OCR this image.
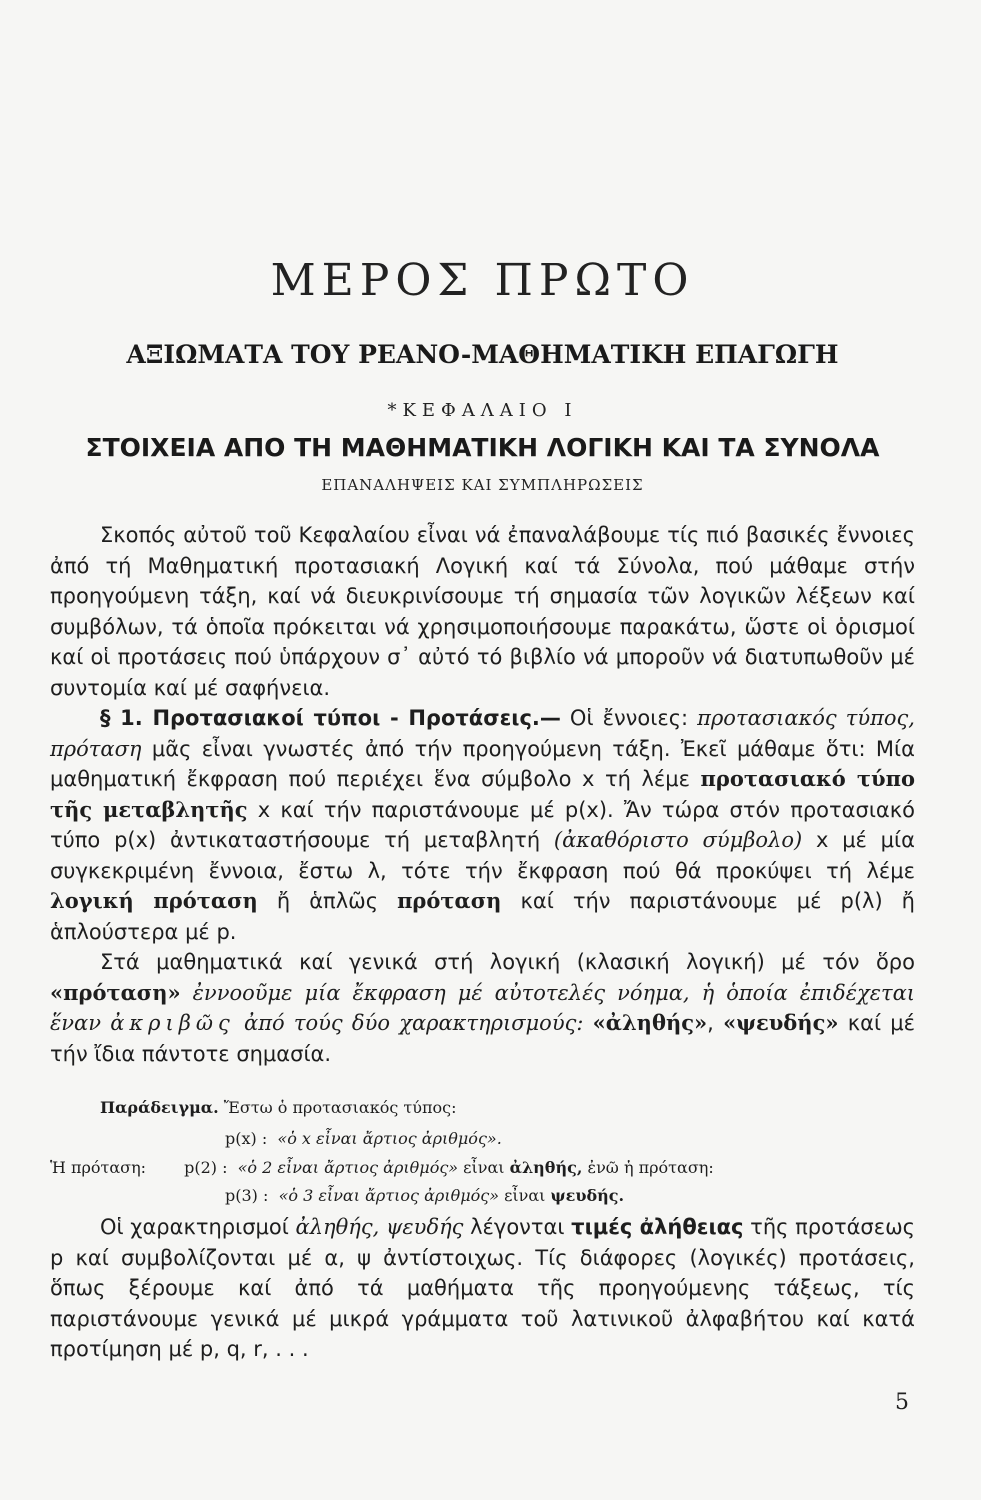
ΜΕΡΟΣ ΠΡΩΤΟ
ΑΞΙΩΜΑΤΑ ΤΟΥ PEANO-ΜΑΘΗΜΑΤΙΚΗ ΕΠΑΓΩΓΗ
*ΚΕΦΑΛΑΙΟ I
ΣΤΟΙΧΕΙΑ ΑΠΟ ΤΗ ΜΑΘΗΜΑΤΙΚΗ ΛΟΓΙΚΗ ΚΑΙ ΤΑ ΣΥΝΟΛΑ
ΕΠΑΝΑΛΗΨΕΙΣ ΚΑΙ ΣΥΜΠΛΗΡΩΣΕΙΣ

Σκοπός αὐτοῦ τοῦ Κεφαλαίου εἶναι νά ἐπαναλάβουμε τίς πιό βασικές ἔννοιες ἀπό τή Μαθηματική προτασιακή Λογική καί τά Σύνολα, πού μάθαμε στήν προηγούμενη τάξη, καί νά διευκρινίσουμε τή σημασία τῶν λογικῶν λέξεων καί συμβόλων, τά ὁποῖα πρόκειται νά χρησιμοποιήσουμε παρακάτω, ὥστε οἱ ὁρισμοί καί οἱ προτάσεις πού ὑπάρχουν σ᾽ αὐτό τό βιβλίο νά μποροῦν νά διατυπωθοῦν μέ συντομία καί μέ σαφήνεια.

§ 1. Προτασιακοί τύποι - Προτάσεις.— Οἱ ἔννοιες: προτασιακός τύπος, πρόταση μᾶς εἶναι γνωστές ἀπό τήν προηγούμενη τάξη. Ἐκεῖ μάθαμε ὅτι: Μία μαθηματική ἔκφραση πού περιέχει ἕνα σύμβολο x τή λέμε προτασιακό τύπο τῆς μεταβλητῆς x καί τήν παριστάνουμε μέ p(x). Ἄν τώρα στόν προτασιακό τύπο p(x) ἀντικαταστήσουμε τή μεταβλητή (ἀκαθόριστο σύμβολο) x μέ μία συγκεκριμένη ἔννοια, ἔστω λ, τότε τήν ἔκφραση πού θά προκύψει τή λέμε λογική πρόταση ἤ ἁπλῶς πρόταση καί τήν παριστάνουμε μέ p(λ) ἤ ἁπλούστερα μέ p.

Στά μαθηματικά καί γενικά στή λογική (κλασική λογική) μέ τόν ὅρο «πρόταση» ἐννοοῦμε μία ἔκφραση μέ αὐτοτελές νόημα, ἡ ὁποία ἐπιδέχεται ἕναν ἀκριβῶς ἀπό τούς δύο χαρακτηρισμούς: «ἀληθής», «ψευδής» καί μέ τήν ἴδια πάντοτε σημασία.

Παράδειγμα. Ἔστω ὁ προτασιακός τύπος:
p(x) : «ὁ x εἶναι ἄρτιος ἀριθμός».
Ἡ πρόταση: p(2) : «ὁ 2 εἶναι ἄρτιος ἀριθμός» εἶναι ἀληθής, ἐνῶ ἡ πρόταση:
p(3) : «ὁ 3 εἶναι ἄρτιος ἀριθμός» εἶναι ψευδής.

Οἱ χαρακτηρισμοί ἀληθής, ψευδής λέγονται τιμές ἀλήθειας τῆς προτάσεως p καί συμβολίζονται μέ α, ψ ἀντίστοιχως. Τίς διάφορες (λογικές) προτάσεις, ὅπως ξέρουμε καί ἀπό τά μαθήματα τῆς προηγούμενης τάξεως, τίς παριστάνουμε γενικά μέ μικρά γράμματα τοῦ λατινικοῦ ἀλφαβήτου καί κατά προτίμηση μέ p, q, r, . . .

5
